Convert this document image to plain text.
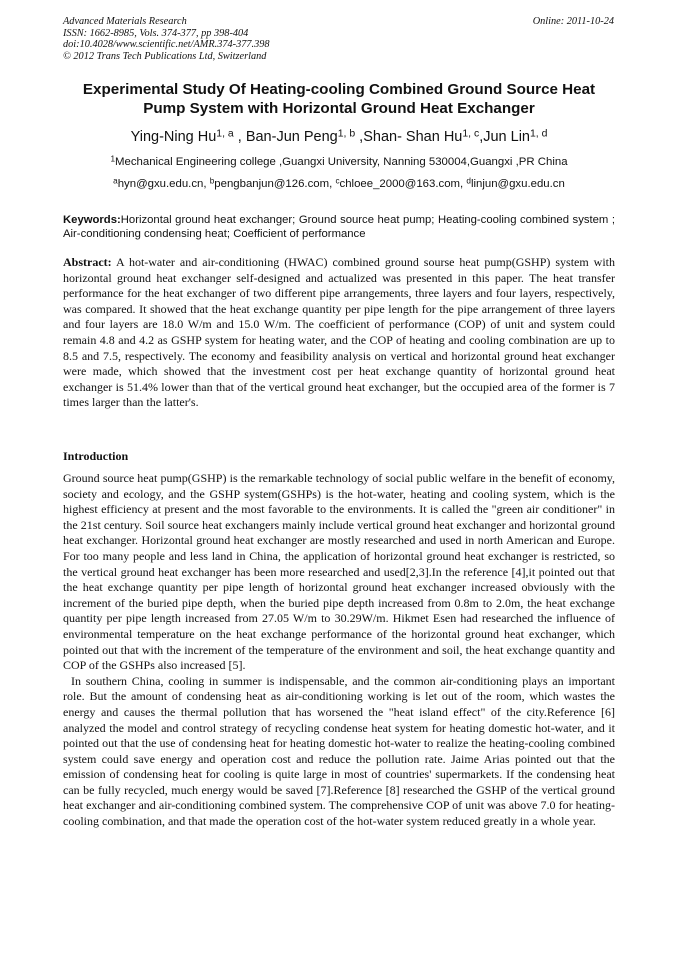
Advanced Materials Research
ISSN: 1662-8985, Vols. 374-377, pp 398-404
doi:10.4028/www.scientific.net/AMR.374-377.398
© 2012 Trans Tech Publications Ltd, Switzerland
Online: 2011-10-24
Experimental Study Of Heating-cooling Combined Ground Source Heat Pump System with Horizontal Ground Heat Exchanger
Ying-Ning Hu$^{1, a}$ , Ban-Jun Peng$^{1, b}$ ,Shan- Shan Hu$^{1, c}$,Jun Lin$^{1, d}$
$^1$Mechanical Engineering college ,Guangxi University, Nanning 530004,Guangxi ,PR China
$^a$hyn@gxu.edu.cn, $^b$pengbanjun@126.com, $^c$chloee_2000@163.com, $^d$linjun@gxu.edu.cn
Keywords:Horizontal ground heat exchanger; Ground source heat pump; Heating-cooling combined system ; Air-conditioning condensing heat; Coefficient of performance
Abstract: A hot-water and air-conditioning (HWAC) combined ground sourse heat pump(GSHP) system with horizontal ground heat exchanger self-designed and actualized was presented in this paper. The heat transfer performance for the heat exchanger of two different pipe arrangements, three layers and four layers, respectively, was compared. It showed that the heat exchange quantity per pipe length for the pipe arrangement of three layers and four layers are 18.0 W/m and 15.0 W/m. The coefficient of performance (COP) of unit and system could remain 4.8 and 4.2 as GSHP system for heating water, and the COP of heating and cooling combination are up to 8.5 and 7.5, respectively. The economy and feasibility analysis on vertical and horizontal ground heat exchanger were made, which showed that the investment cost per heat exchange quantity of horizontal ground heat exchanger is 51.4% lower than that of the vertical ground heat exchanger, but the occupied area of the former is 7 times larger than the latter's.
Introduction

Ground source heat pump(GSHP) is the remarkable technology of social public welfare in the benefit of economy, society and ecology, and the GSHP system(GSHPs) is the hot-water, heating and cooling system, which is the highest efficiency at present and the most favorable to the environments. It is called the "green air conditioner" in the 21st century. Soil source heat exchangers mainly include vertical ground heat exchanger and horizontal ground heat exchanger. Horizontal ground heat exchanger are mostly researched and used in north American and Europe. For too many people and less land in China, the application of horizontal ground heat exchanger is restricted, so the vertical ground heat exchanger has been more researched and used[2,3].In the reference [4],it pointed out that the heat exchange quantity per pipe length of horizontal ground heat exchanger increased obviously with the increment of the buried pipe depth, when the buried pipe depth increased from 0.8m to 2.0m, the heat exchange quantity per pipe length increased from 27.05 W/m to 30.29W/m. Hikmet Esen had researched the influence of environmental temperature on the heat exchange performance of the horizontal ground heat exchanger, which pointed out that with the increment of the temperature of the environment and soil, the heat exchange quantity and COP of the GSHPs also increased [5].

In southern China, cooling in summer is indispensable, and the common air-conditioning plays an important role. But the amount of condensing heat as air-conditioning working is let out of the room, which wastes the energy and causes the thermal pollution that has worsened the "heat island effect" of the city.Reference [6] analyzed the model and control strategy of recycling condense heat system for heating domestic hot-water, and it pointed out that the use of condensing heat for heating domestic hot-water to realize the heating-cooling combined system could save energy and operation cost and reduce the pollution rate. Jaime Arias pointed out that the emission of condensing heat for cooling is quite large in most of countries' supermarkets. If the condensing heat can be fully recycled, much energy would be saved [7].Reference [8] researched the GSHP of the vertical ground heat exchanger and air-conditioning combined system. The comprehensive COP of unit was above 7.0 for heating-cooling combination, and that made the operation cost of the hot-water system reduced greatly in a whole year.
